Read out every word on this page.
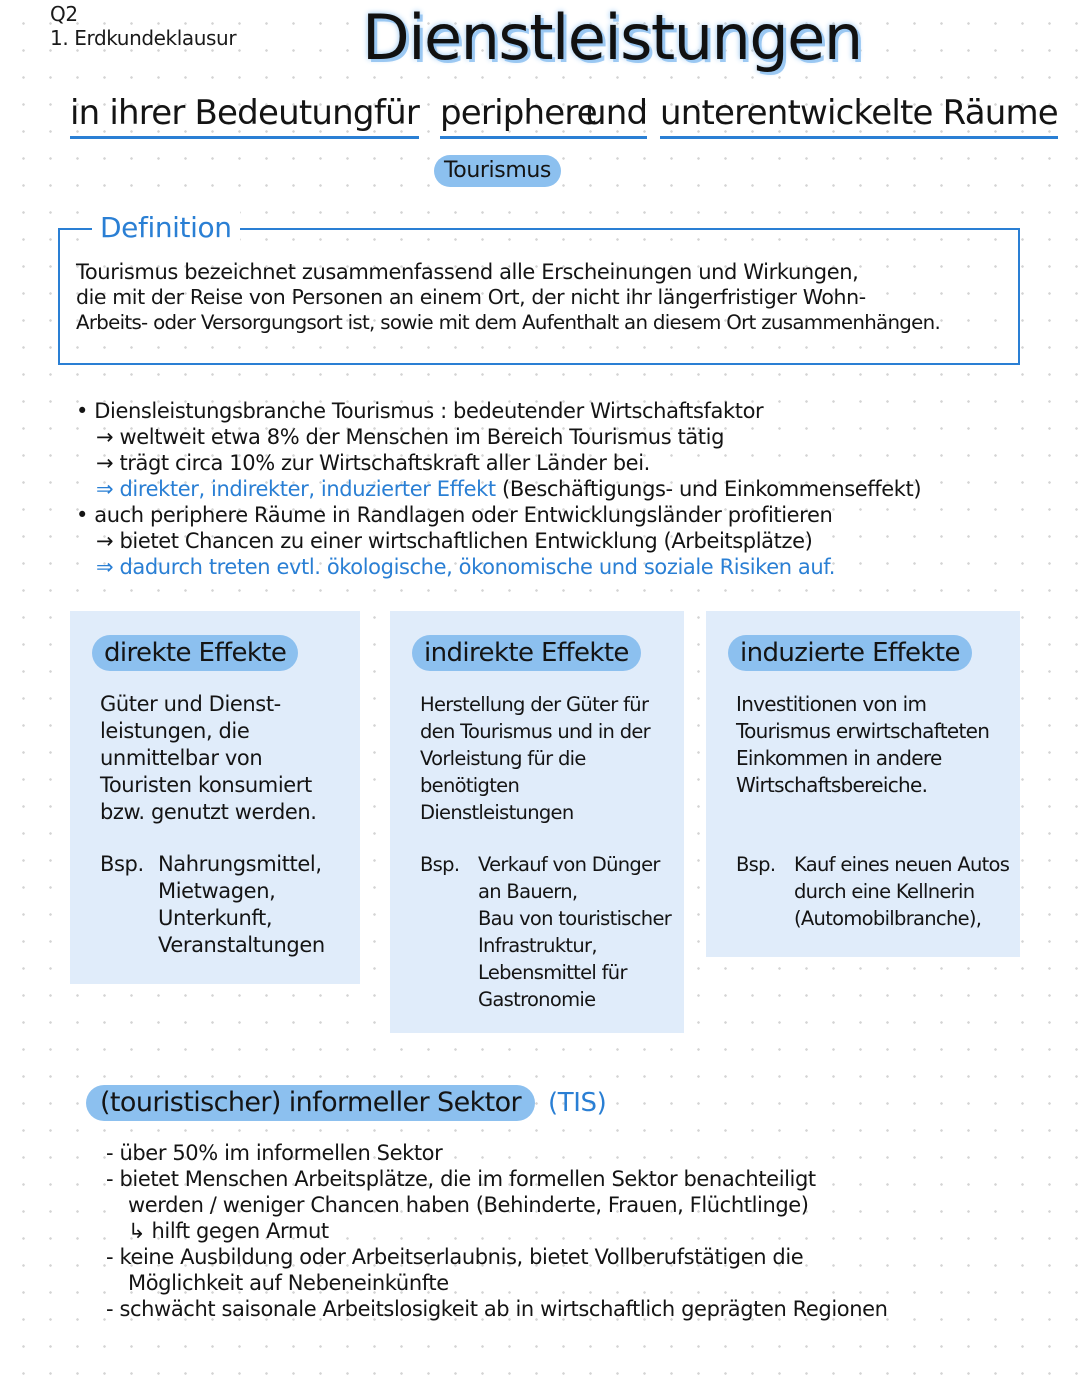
Q2
1. Erdkundeklausur Dienstleistungen
in ihrer Bedeutung für periphere
und unterentwickelte Räume
Tourismus
Definition
Tourismus bezeichnet zusammenfassend alle Erscheinungen und Wirkungen,
die mit der Reise von Personen an einem Ort, der nicht ihr längerfristiger Wohn-
Arbeits- oder Versorgungsort ist, sowie mit dem Aufenthalt an diesem Ort zusammenhängen.
• Diensleistungsbranche Tourismus : bedeutender Wirtschaftsfaktor
→ weltweit etwa 8% der Menschen im Bereich Tourismus tätig
→ trägt circa 10% zur Wirtschaftskraft aller Länder bei.
⇒ direkter, indirekter, induzierter Effekt (Beschäftigungs- und Einkommenseffekt)
• auch periphere Räume in Randlagen oder Entwicklungsländer profitieren
→ bietet Chancen zu einer wirtschaftlichen Entwicklung (Arbeitsplätze)
⇒ dadurch treten evtl. ökologische, ökonomische und soziale Risiken auf.
direkte Effekte
Güter und Dienst-
leistungen, die
unmittelbar von
Touristen konsumiert
bzw. genutzt werden.
Bsp. Nahrungsmittel,
Mietwagen,
Unterkunft,
Veranstaltungen
indirekte Effekte
Herstellung der Güter für
den Tourismus und in der
Vorleistung für die
benötigten Dienstleistungen
Bsp. Verkauf von Dünger
an Bauern,
Bau von touristischer
Infrastruktur,
Lebensmittel für
Gastronomie
induzierte Effekte
Investitionen von im
Tourismus erwirtschafteten
Einkommen in andere
Wirtschaftsbereiche.
Bsp. Kauf eines neuen Autos
durch eine Kellnerin
(Automobilbranche),
(touristischer) informeller Sektor	(TIS)
- über 50% im informellen Sektor
- bietet Menschen Arbeitsplätze, die im formellen Sektor benachteiligt
werden / weniger Chancen haben (Behinderte, Frauen, Flüchtlinge)
↳ hilft gegen Armut
- keine Ausbildung oder Arbeitserlaubnis, bietet Vollberufstätigen die
Möglichkeit auf Nebeneinkünfte
- schwächt saisonale Arbeitslosigkeit ab in wirtschaftlich geprägten Regionen
